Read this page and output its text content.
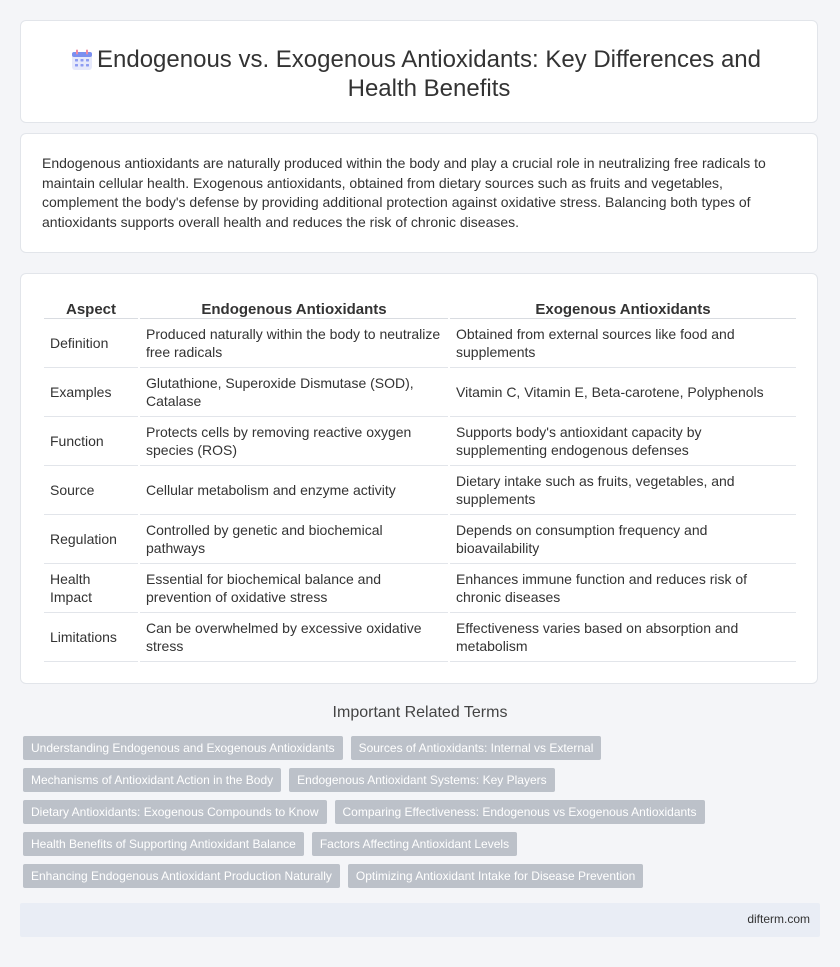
Endogenous vs. Exogenous Antioxidants: Key Differences and Health Benefits

Endogenous antioxidants are naturally produced within the body and play a crucial role in neutralizing free radicals to maintain cellular health. Exogenous antioxidants, obtained from dietary sources such as fruits and vegetables, complement the body's defense by providing additional protection against oxidative stress. Balancing both types of antioxidants supports overall health and reduces the risk of chronic diseases.

Aspect	Endogenous Antioxidants	Exogenous Antioxidants
Definition	Produced naturally within the body to neutralize free radicals	Obtained from external sources like food and supplements
Examples	Glutathione, Superoxide Dismutase (SOD), Catalase	Vitamin C, Vitamin E, Beta-carotene, Polyphenols
Function	Protects cells by removing reactive oxygen species (ROS)	Supports body's antioxidant capacity by supplementing endogenous defenses
Source	Cellular metabolism and enzyme activity	Dietary intake such as fruits, vegetables, and supplements
Regulation	Controlled by genetic and biochemical pathways	Depends on consumption frequency and bioavailability
Health Impact	Essential for biochemical balance and prevention of oxidative stress	Enhances immune function and reduces risk of chronic diseases
Limitations	Can be overwhelmed by excessive oxidative stress	Effectiveness varies based on absorption and metabolism
Important Related Terms
Understanding Endogenous and Exogenous Antioxidants	Sources of Antioxidants: Internal vs External
Mechanisms of Antioxidant Action in the Body	Endogenous Antioxidant Systems: Key Players
Dietary Antioxidants: Exogenous Compounds to Know	Comparing Effectiveness: Endogenous vs Exogenous Antioxidants
Health Benefits of Supporting Antioxidant Balance	Factors Affecting Antioxidant Levels
Enhancing Endogenous Antioxidant Production Naturally	Optimizing Antioxidant Intake for Disease Prevention
difterm.com
